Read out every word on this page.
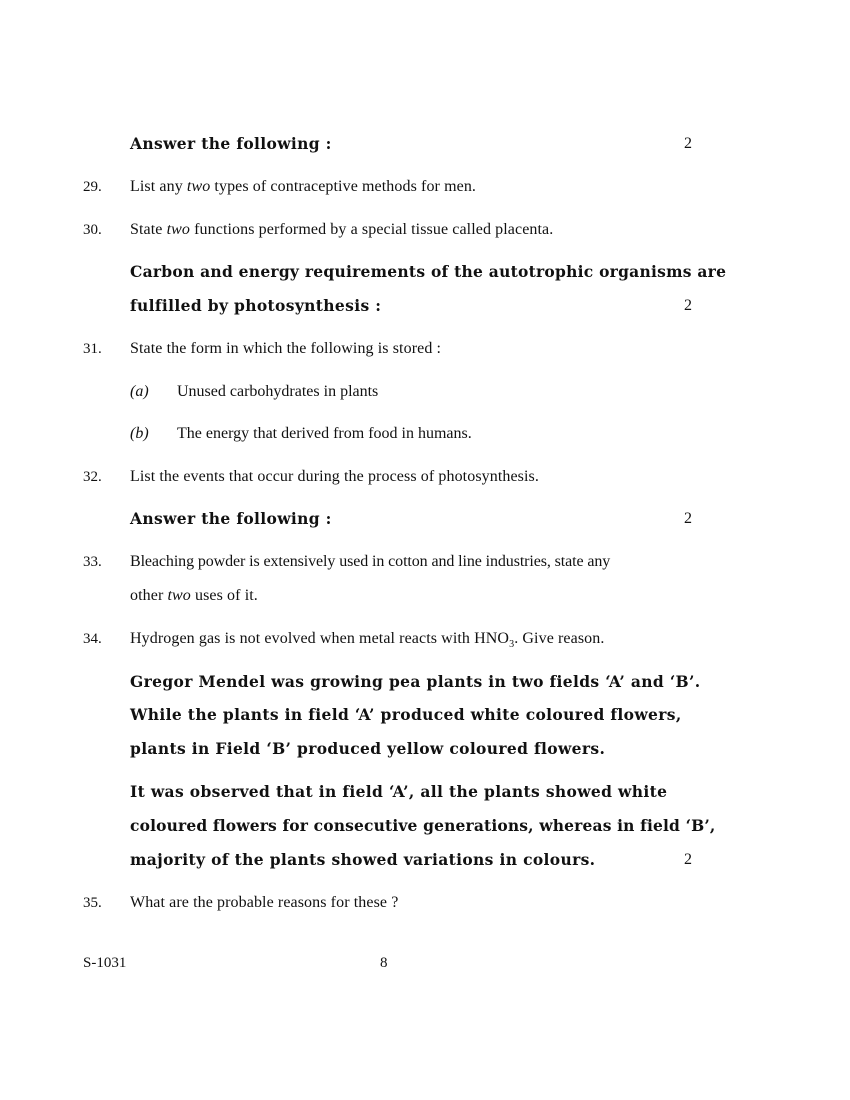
Answer the following :	2
29. List any two types of contraceptive methods for men.
30. State two functions performed by a special tissue called placenta.
Carbon and energy requirements of the autotrophic organisms are
fulfilled by photosynthesis :	2
31. State the form in which the following is stored :
(a) Unused carbohydrates in plants
(b) The energy that derived from food in humans.
32. List the events that occur during the process of photosynthesis.
Answer the following :	2
33. Bleaching powder is extensively used in cotton and line industries, state any
other two uses of it.
34. Hydrogen gas is not evolved when metal reacts with $HNO_3$. Give reason.
Gregor Mendel was growing pea plants in two fields ‘A’ and ‘B’.
While the plants in field ‘A’ produced white coloured flowers,
plants in Field ‘B’ produced yellow coloured flowers.
It was observed that in field ‘A’, all the plants showed white
coloured flowers for consecutive generations, whereas in field ‘B’,
majority of the plants showed variations in colours.	2
35. What are the probable reasons for these ?
S-1031	8
